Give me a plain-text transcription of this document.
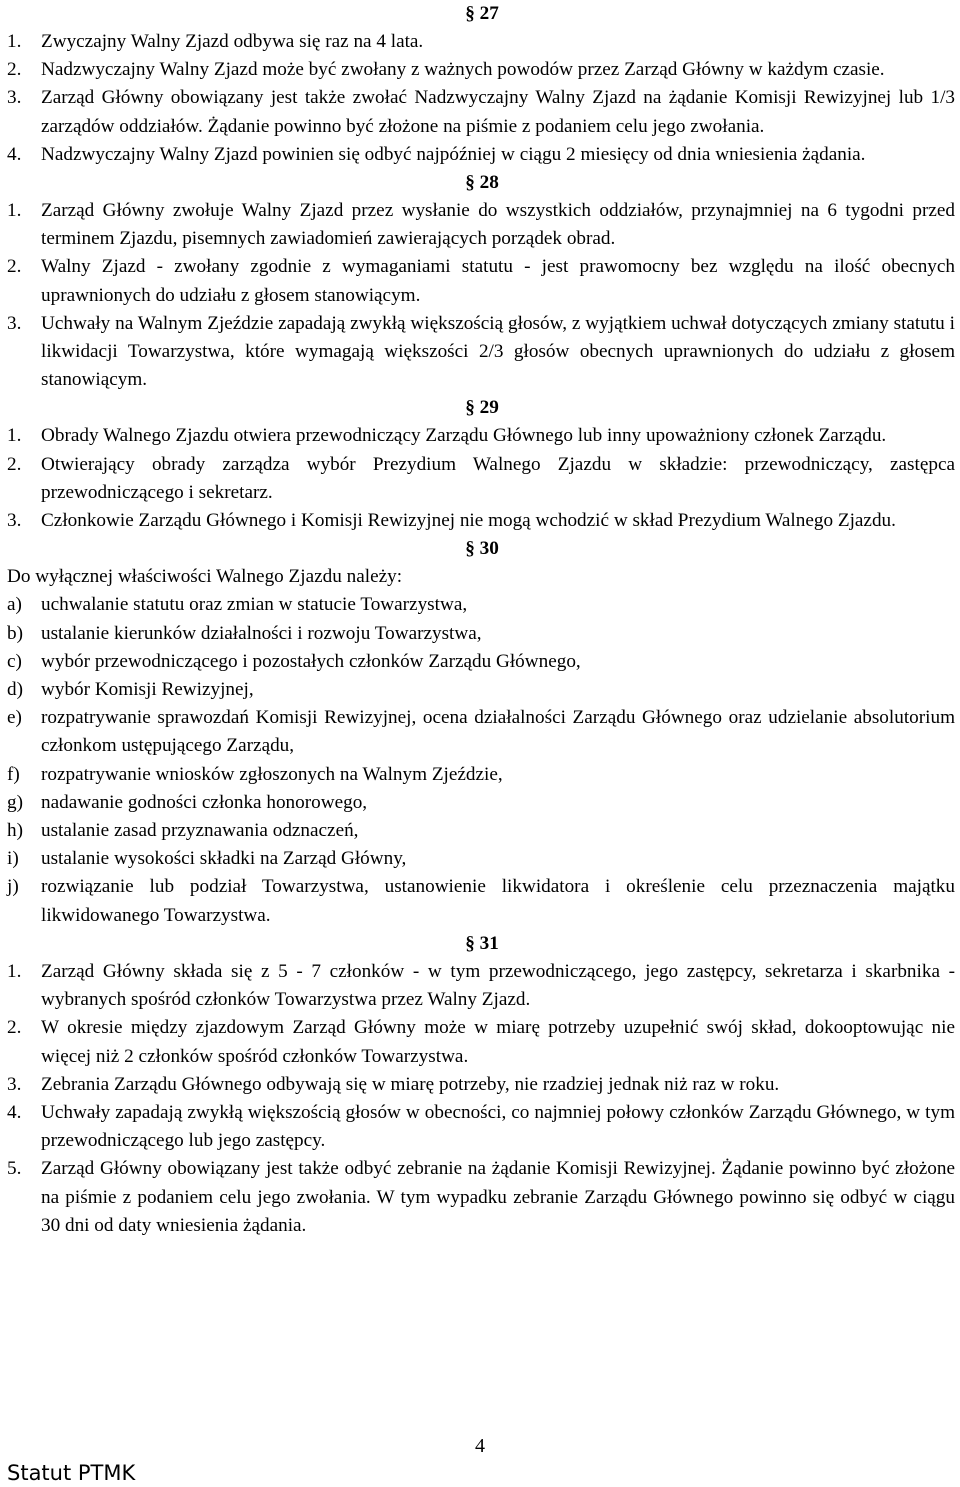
§ 27
1.	Zwyczajny Walny Zjazd odbywa się raz na 4 lata.
2.	Nadzwyczajny Walny Zjazd może być zwołany z ważnych powodów przez Zarząd Główny w każdym czasie.
3.	Zarząd Główny obowiązany jest także zwołać Nadzwyczajny Walny Zjazd na żądanie Komisji Rewizyjnej lub 1/3 zarządów oddziałów. Żądanie powinno być złożone na piśmie z podaniem celu jego zwołania.
4.	Nadzwyczajny Walny Zjazd powinien się odbyć najpóźniej w ciągu 2 miesięcy od dnia wniesienia żądania.
§ 28
1.	Zarząd Główny zwołuje Walny Zjazd przez wysłanie do wszystkich oddziałów, przynajmniej na 6 tygodni przed terminem Zjazdu, pisemnych zawiadomień zawierających porządek obrad.
2.	Walny Zjazd - zwołany zgodnie z wymaganiami statutu - jest prawomocny bez względu na ilość obecnych uprawnionych do udziału z głosem stanowiącym.
3.	Uchwały na Walnym Zjeździe zapadają zwykłą większością głosów, z wyjątkiem uchwał dotyczących zmiany statutu i likwidacji Towarzystwa, które wymagają większości 2/3 głosów obecnych uprawnionych do udziału z głosem stanowiącym.
§ 29
1.	Obrady Walnego Zjazdu otwiera przewodniczący Zarządu Głównego lub inny upoważniony członek Zarządu.
2.	Otwierający obrady zarządza wybór Prezydium Walnego Zjazdu w składzie: przewodniczący, zastępca przewodniczącego i sekretarz.
3.	Członkowie Zarządu Głównego i Komisji Rewizyjnej nie mogą wchodzić w skład Prezydium Walnego Zjazdu.
§ 30
Do wyłącznej właściwości Walnego Zjazdu należy:
a) uchwalanie statutu oraz zmian w statucie Towarzystwa,
b) ustalanie kierunków działalności i rozwoju Towarzystwa,
c) wybór przewodniczącego i pozostałych członków Zarządu Głównego,
d) wybór Komisji Rewizyjnej,
e) rozpatrywanie sprawozdań Komisji Rewizyjnej, ocena działalności Zarządu Głównego oraz udzielanie absolutorium członkom ustępującego Zarządu,
f)	rozpatrywanie wniosków zgłoszonych na Walnym Zjeździe,
g) nadawanie godności członka honorowego,
h) ustalanie zasad przyznawania odznaczeń,
i)	ustalanie wysokości składki na Zarząd Główny,
j)	rozwiązanie lub podział Towarzystwa, ustanowienie likwidatora i określenie celu przeznaczenia majątku likwidowanego Towarzystwa.
§ 31
1.	Zarząd Główny składa się z 5 - 7 członków - w tym przewodniczącego, jego zastępcy, sekretarza i skarbnika - wybranych spośród członków Towarzystwa przez Walny Zjazd.
2.	W okresie między zjazdowym Zarząd Główny może w miarę potrzeby uzupełnić swój skład, dokooptowując nie więcej niż 2 członków spośród członków Towarzystwa.
3.	Zebrania Zarządu Głównego odbywają się w miarę potrzeby, nie rzadziej jednak niż raz w roku.
4.	Uchwały zapadają zwykłą większością głosów w obecności, co najmniej połowy członków Zarządu Głównego, w tym przewodniczącego lub jego zastępcy.
5.	Zarząd Główny obowiązany jest także odbyć zebranie na żądanie Komisji Rewizyjnej. Żądanie powinno być złożone na piśmie z podaniem celu jego zwołania. W tym wypadku zebranie Zarządu Głównego powinno się odbyć w ciągu 30 dni od daty wniesienia żądania.
4
Statut PTMK
